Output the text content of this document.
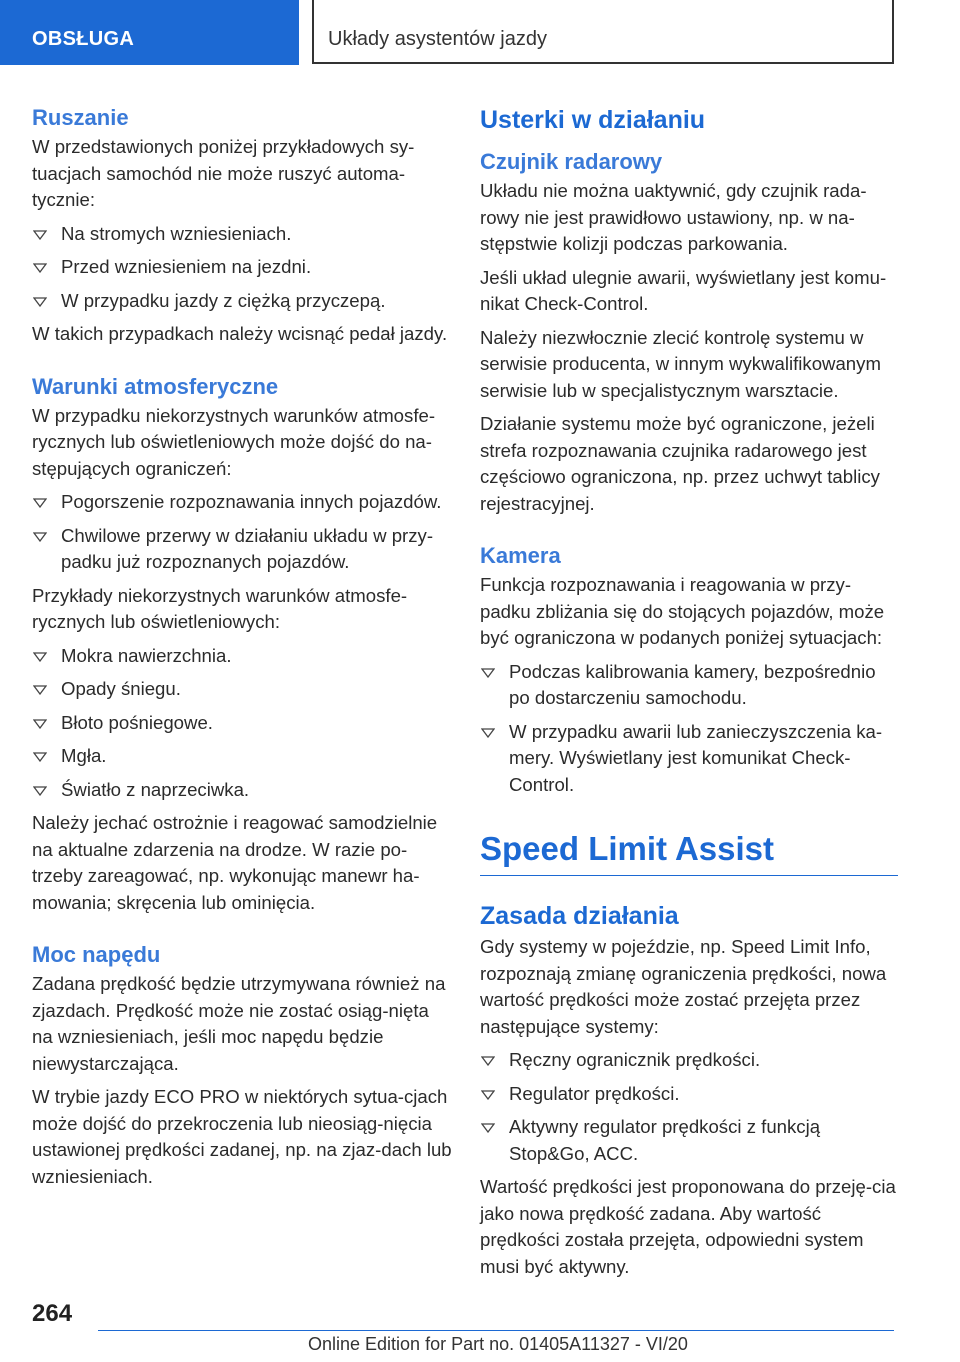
OBSŁUGA	Układy asystentów jazdy
Ruszanie

W przedstawionych poniżej przykładowych sy-tuacjach samochód nie może ruszyć automa-tycznie:

Na stromych wzniesieniach.
Przed wzniesieniem na jezdni.
W przypadku jazdy z ciężką przyczepą.

W takich przypadkach należy wcisnąć pedał jazdy.

Warunki atmosferyczne

W przypadku niekorzystnych warunków atmosfe-rycznych lub oświetleniowych może dojść do na-stępujących ograniczeń:

Pogorszenie rozpoznawania innych pojazdów.
Chwilowe przerwy w działaniu układu w przy-padku już rozpoznanych pojazdów.

Przykłady niekorzystnych warunków atmosfe-rycznych lub oświetleniowych:

Mokra nawierzchnia.
Opady śniegu.
Błoto pośniegowe.
Mgła.
Światło z naprzeciwka.

Należy jechać ostrożnie i reagować samodzielnie na aktualne zdarzenia na drodze. W razie po-trzeby zareagować, np. wykonując manewr ha-mowania; skręcenia lub ominięcia.

Moc napędu

Zadana prędkość będzie utrzymywana również na zjazdach. Prędkość może nie zostać osiąg-nięta na wzniesieniach, jeśli moc napędu będzie niewystarczająca.

W trybie jazdy ECO PRO w niektórych sytua-cjach może dojść do przekroczenia lub nieosiąg-nięcia ustawionej prędkości zadanej, np. na zjaz-dach lub wzniesieniach.

Usterki w działaniu
Czujnik radarowy

Układu nie można uaktywnić, gdy czujnik rada-rowy nie jest prawidłowo ustawiony, np. w na-stępstwie kolizji podczas parkowania.

Jeśli układ ulegnie awarii, wyświetlany jest komu-nikat Check-Control.

Należy niezwłocznie zlecić kontrolę systemu w serwisie producenta, w innym wykwalifikowanym serwisie lub w specjalistycznym warsztacie.

Działanie systemu może być ograniczone, jeżeli strefa rozpoznawania czujnika radarowego jest częściowo ograniczona, np. przez uchwyt tablicy rejestracyjnej.

Kamera

Funkcja rozpoznawania i reagowania w przy-padku zbliżania się do stojących pojazdów, może być ograniczona w podanych poniżej sytuacjach:

Podczas kalibrowania kamery, bezpośrednio po dostarczeniu samochodu.
W przypadku awarii lub zanieczyszczenia ka-mery. Wyświetlany jest komunikat Check-Control.
Speed Limit Assist
Zasada działania

Gdy systemy w pojeździe, np. Speed Limit Info, rozpoznają zmianę ograniczenia prędkości, nowa wartość prędkości może zostać przejęta przez następujące systemy:

Ręczny ogranicznik prędkości.
Regulator prędkości.
Aktywny regulator prędkości z funkcją Stop&Go, ACC.

Wartość prędkości jest proponowana do przeję-cia jako nowa prędkość zadana. Aby wartość prędkości została przejęta, odpowiedni system musi być aktywny.

264
Online Edition for Part no. 01405A11327 - VI/20
